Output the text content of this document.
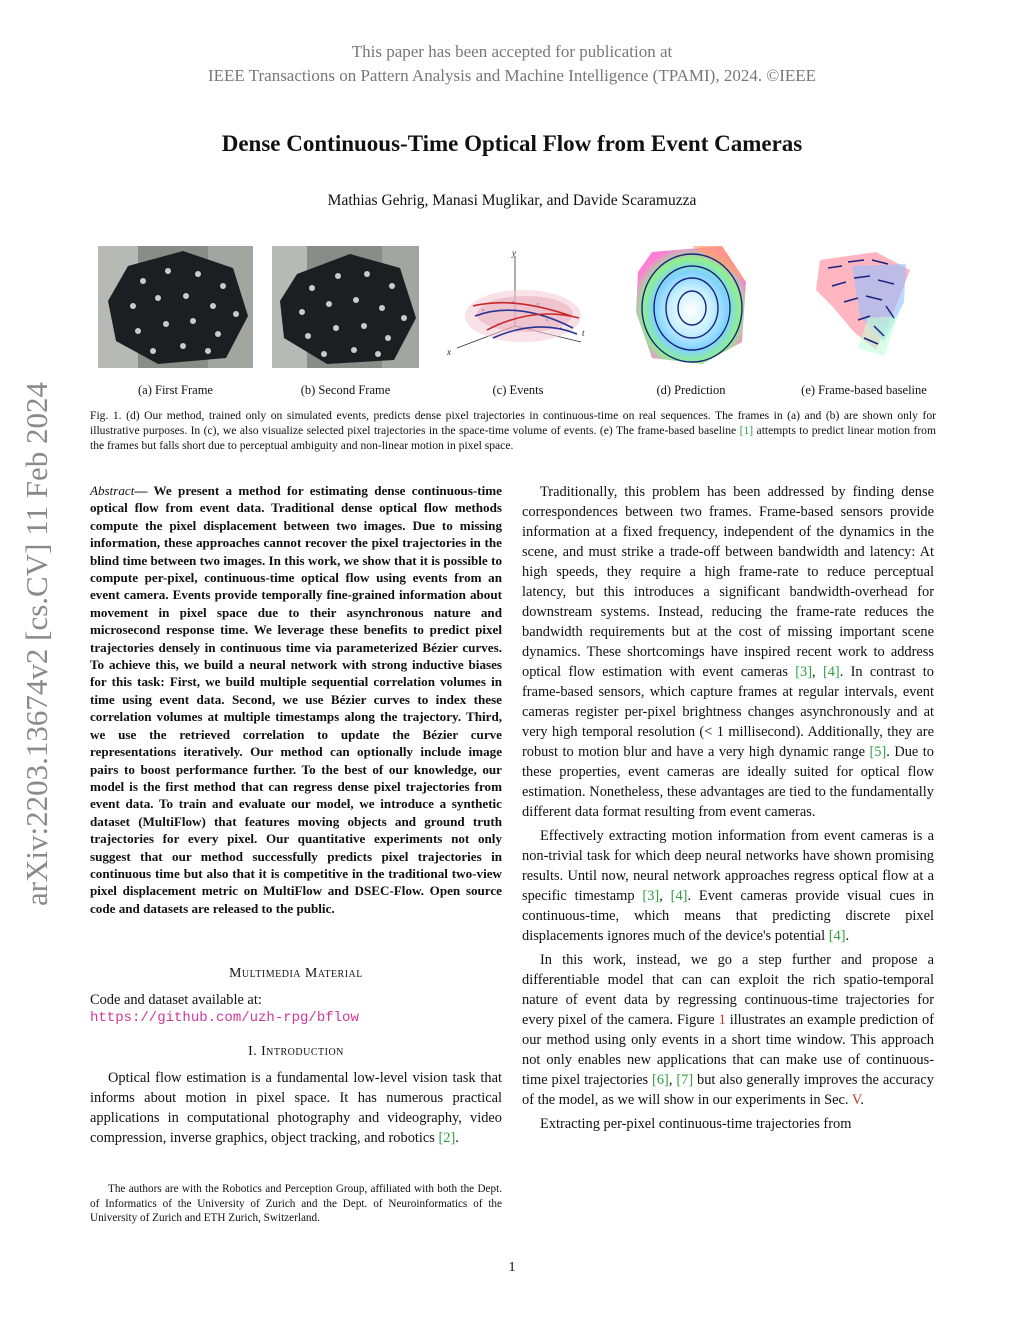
This paper has been accepted for publication at
IEEE Transactions on Pattern Analysis and Machine Intelligence (TPAMI), 2024. ©IEEE
Dense Continuous-Time Optical Flow from Event Cameras
Mathias Gehrig, Manasi Muglikar, and Davide Scaramuzza
arXiv:2203.13674v2 [cs.CV] 11 Feb 2024
y
t
x
(a) First Frame	(b) Second Frame	(c) Events	(d) Prediction	(e) Frame-based baseline
Fig. 1. (d) Our method, trained only on simulated events, predicts dense pixel trajectories in continuous-time on real sequences. The frames in (a) and (b) are shown only for illustrative purposes. In (c), we also visualize selected pixel trajectories in the space-time volume of events. (e) The frame-based baseline [1] attempts to predict linear motion from the frames but falls short due to perceptual ambiguity and non-linear motion in pixel space.
Abstract— We present a method for estimating dense continuous-time optical flow from event data. Traditional dense optical flow methods compute the pixel displacement between two images. Due to missing information, these approaches cannot recover the pixel trajectories in the blind time between two images. In this work, we show that it is possible to compute per-pixel, continuous-time optical flow using events from an event camera. Events provide temporally fine-grained information about movement in pixel space due to their asynchronous nature and microsecond response time. We leverage these benefits to predict pixel trajectories densely in continuous time via parameterized Bézier curves. To achieve this, we build a neural network with strong inductive biases for this task: First, we build multiple sequential correlation volumes in time using event data. Second, we use Bézier curves to index these correlation volumes at multiple timestamps along the trajectory. Third, we use the retrieved correlation to update the Bézier curve representations iteratively. Our method can optionally include image pairs to boost performance further. To the best of our knowledge, our model is the first method that can regress dense pixel trajectories from event data. To train and evaluate our model, we introduce a synthetic dataset (MultiFlow) that features moving objects and ground truth trajectories for every pixel. Our quantitative experiments not only suggest that our method successfully predicts pixel trajectories in continuous time but also that it is competitive in the traditional two-view pixel displacement metric on MultiFlow and DSEC-Flow. Open source code and datasets are released to the public.
Multimedia Material
Code and dataset available at:
https://github.com/uzh-rpg/bflow
I. Introduction

Optical flow estimation is a fundamental low-level vision task that informs about motion in pixel space. It has numerous practical applications in computational photography and videography, video compression, inverse graphics, object tracking, and robotics [2].

The authors are with the Robotics and Perception Group, affiliated with both the Dept. of Informatics of the University of Zurich and the Dept. of Neuroinformatics of the University of Zurich and ETH Zurich, Switzerland.

Traditionally, this problem has been addressed by finding dense correspondences between two frames. Frame-based sensors provide information at a fixed frequency, independent of the dynamics in the scene, and must strike a trade-off between bandwidth and latency: At high speeds, they require a high frame-rate to reduce perceptual latency, but this introduces a significant bandwidth-overhead for downstream systems. Instead, reducing the frame-rate reduces the bandwidth requirements but at the cost of missing important scene dynamics. These shortcomings have inspired recent work to address optical flow estimation with event cameras [3], [4]. In contrast to frame-based sensors, which capture frames at regular intervals, event cameras register per-pixel brightness changes asynchronously and at very high temporal resolution (< 1 millisecond). Additionally, they are robust to motion blur and have a very high dynamic range [5]. Due to these properties, event cameras are ideally suited for optical flow estimation. Nonetheless, these advantages are tied to the fundamentally different data format resulting from event cameras.

Effectively extracting motion information from event cameras is a non-trivial task for which deep neural networks have shown promising results. Until now, neural network approaches regress optical flow at a specific timestamp [3], [4]. Event cameras provide visual cues in continuous-time, which means that predicting discrete pixel displacements ignores much of the device's potential [4].

In this work, instead, we go a step further and propose a differentiable model that can can exploit the rich spatio-temporal nature of event data by regressing continuous-time trajectories for every pixel of the camera. Figure 1 illustrates an example prediction of our method using only events in a short time window. This approach not only enables new applications that can make use of continuous-time pixel trajectories [6], [7] but also generally improves the accuracy of the model, as we will show in our experiments in Sec. V.

Extracting per-pixel continuous-time trajectories from

1
